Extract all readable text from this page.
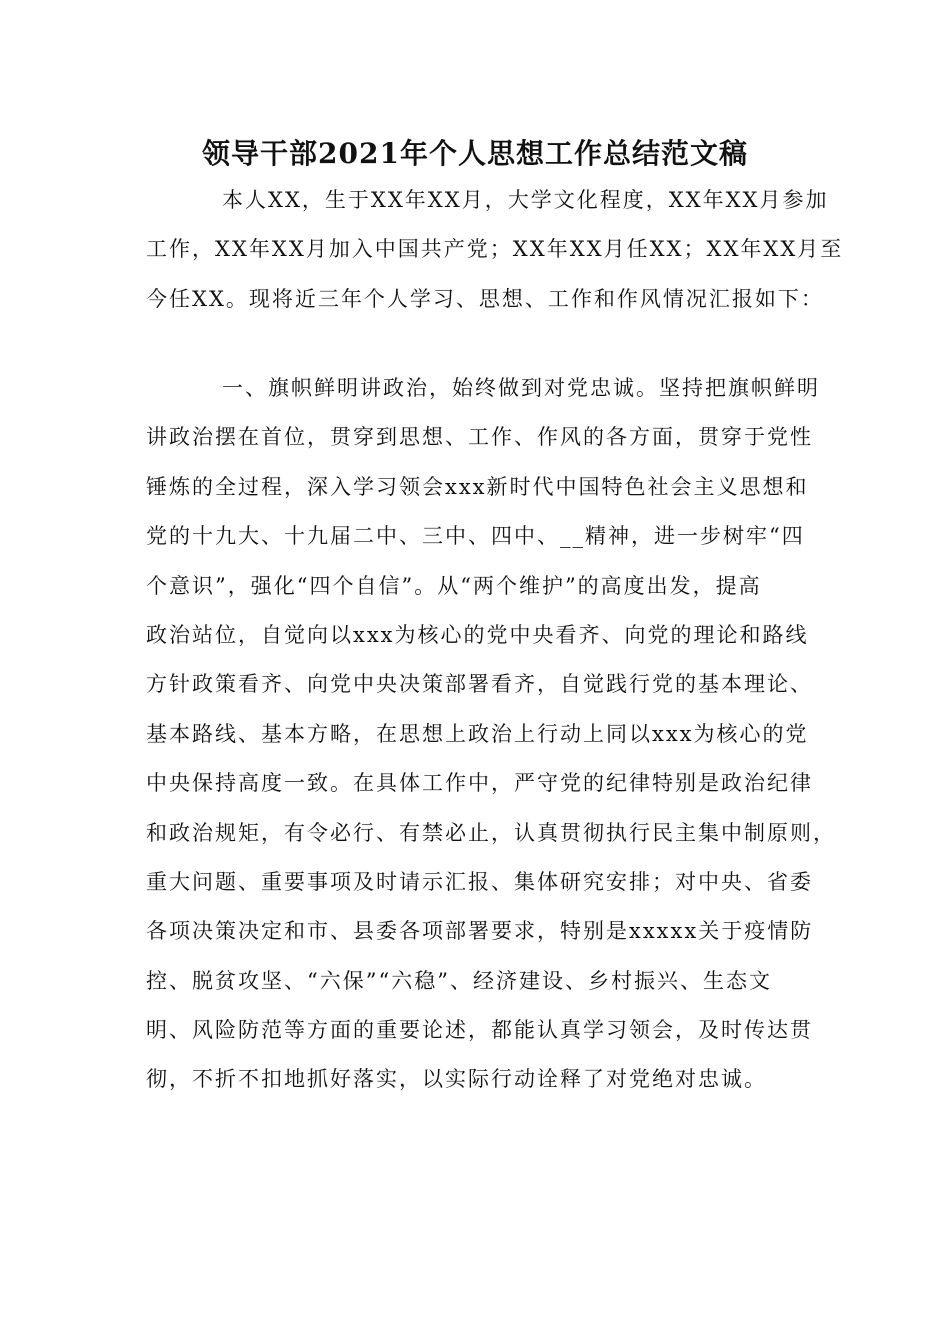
领导干部2021年个人思想工作总结范文稿
本人XX，生于XX年XX月，大学文化程度，XX年XX月参加
工作，XX年XX月加入中国共产党；XX年XX月任XX；XX年XX月至
今任XX。现将近三年个人学习、思想、工作和作风情况汇报如下：
一、旗帜鲜明讲政治，始终做到对党忠诚。坚持把旗帜鲜明
讲政治摆在首位，贯穿到思想、工作、作风的各方面，贯穿于党性
锤炼的全过程，深入学习领会xxx新时代中国特色社会主义思想和
党的十九大、十九届二中、三中、四中、__精神，进一步树牢“四
个意识”，强化“四个自信”。从“两个维护”的高度出发，提高
政治站位，自觉向以xxx为核心的党中央看齐、向党的理论和路线
方针政策看齐、向党中央决策部署看齐，自觉践行党的基本理论、
基本路线、基本方略，在思想上政治上行动上同以xxx为核心的党
中央保持高度一致。在具体工作中，严守党的纪律特别是政治纪律
和政治规矩，有令必行、有禁必止，认真贯彻执行民主集中制原则，
重大问题、重要事项及时请示汇报、集体研究安排；对中央、省委
各项决策决定和市、县委各项部署要求，特别是xxxxx关于疫情防
控、脱贫攻坚、“六保”“六稳”、经济建设、乡村振兴、生态文
明、风险防范等方面的重要论述，都能认真学习领会，及时传达贯
彻，不折不扣地抓好落实，以实际行动诠释了对党绝对忠诚。
